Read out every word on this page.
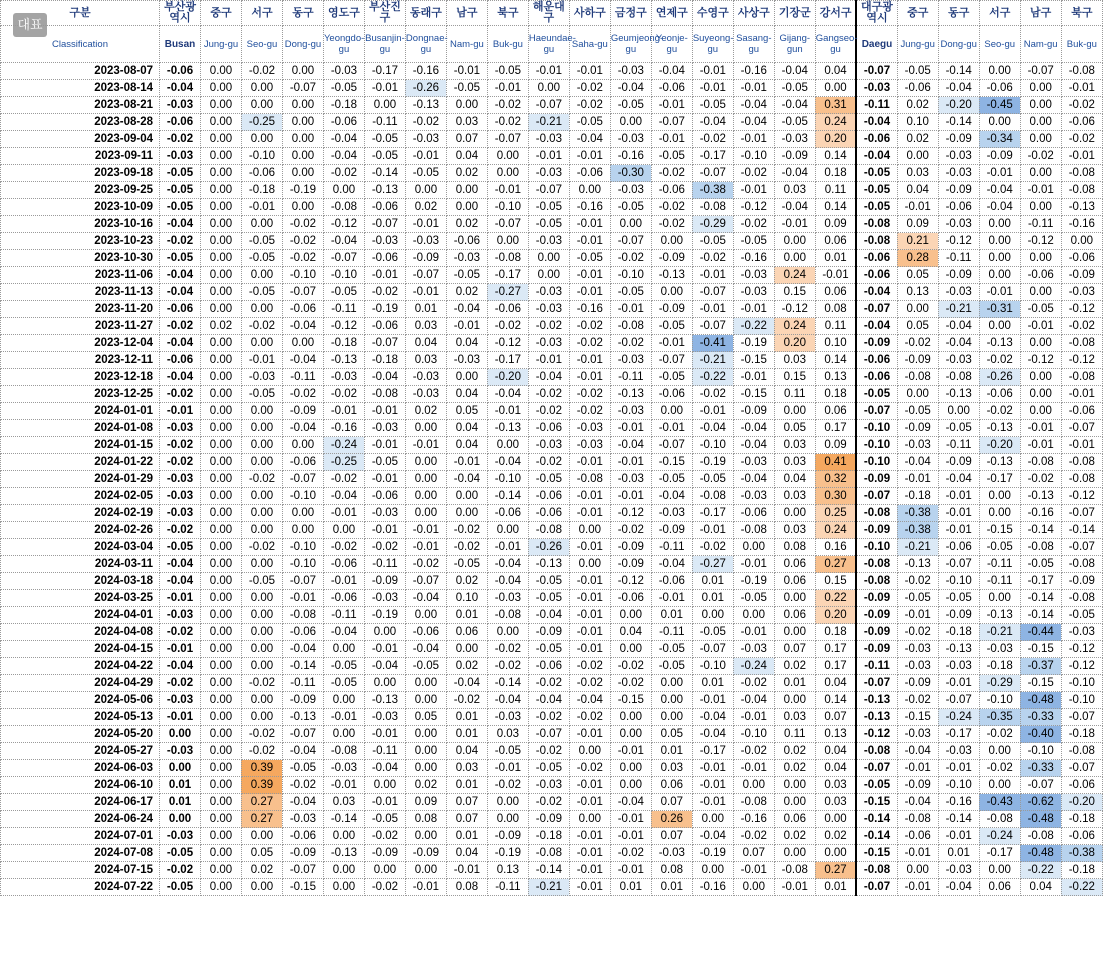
구분	부산광역시	중구	서구	동구	영도구	부산진구	동래구	남구	북구	해운대구	사하구	금정구	연제구	수영구	사상구	기장군	강서구	대구광역시	중구	동구	서구	남구	북구
Classification	Busan	Jung-gu	Seo-gu	Dong-gu	Yeongdo-gu	Busanjin-gu	Dongnae-gu	Nam-gu	Buk-gu	Haeundae-gu	Saha-gu	Geumjeong-gu	Yeonje-gu	Suyeong-gu	Sasang-gu	Gijang-gun	Gangseo-gu	Daegu	Jung-gu	Dong-gu	Seo-gu	Nam-gu	Buk-gu
2023-08-07	-0.06	0.00	-0.02	0.00	-0.03	-0.17	-0.16	-0.01	-0.05	-0.01	-0.01	-0.03	-0.04	-0.01	-0.16	-0.04	0.04	-0.07	-0.05	-0.14	0.00	-0.07	-0.08
2023-08-14	-0.04	0.00	0.00	-0.07	-0.05	-0.01	-0.26	-0.05	-0.01	0.00	-0.02	-0.04	-0.06	-0.01	-0.01	-0.05	0.00	-0.03	-0.06	-0.04	-0.06	0.00	-0.01
2023-08-21	-0.03	0.00	0.00	0.00	-0.18	0.00	-0.13	0.00	-0.02	-0.07	-0.02	-0.05	-0.01	-0.05	-0.04	-0.04	0.31	-0.11	0.02	-0.20	-0.45	0.00	-0.02
2023-08-28	-0.06	0.00	-0.25	0.00	-0.06	-0.11	-0.02	0.03	-0.02	-0.21	-0.05	0.00	-0.07	-0.04	-0.04	-0.05	0.24	-0.04	0.10	-0.14	0.00	0.00	-0.06
2023-09-04	-0.02	0.00	0.00	0.00	-0.04	-0.05	-0.03	0.07	-0.07	-0.03	-0.04	-0.03	-0.01	-0.02	-0.01	-0.03	0.20	-0.06	0.02	-0.09	-0.34	0.00	-0.02
2023-09-11	-0.03	0.00	-0.10	0.00	-0.04	-0.05	-0.01	0.04	0.00	-0.01	-0.01	-0.16	-0.05	-0.17	-0.10	-0.09	0.14	-0.04	0.00	-0.03	-0.09	-0.02	-0.01
2023-09-18	-0.05	0.00	-0.06	0.00	-0.02	-0.14	-0.05	0.02	0.00	-0.03	-0.06	-0.30	-0.02	-0.07	-0.02	-0.04	0.18	-0.05	0.03	-0.03	-0.01	0.00	-0.08
2023-09-25	-0.05	0.00	-0.18	-0.19	0.00	-0.13	0.00	0.00	-0.01	-0.07	0.00	-0.03	-0.06	-0.38	-0.01	0.03	0.11	-0.05	0.04	-0.09	-0.04	-0.01	-0.08
2023-10-09	-0.05	0.00	-0.01	0.00	-0.08	-0.06	0.02	0.00	-0.10	-0.05	-0.16	-0.05	-0.02	-0.08	-0.12	-0.04	0.14	-0.05	-0.01	-0.06	-0.04	0.00	-0.13
2023-10-16	-0.04	0.00	0.00	-0.02	-0.12	-0.07	-0.01	0.02	-0.07	-0.05	-0.01	0.00	-0.02	-0.29	-0.02	-0.01	0.09	-0.08	0.09	-0.03	0.00	-0.11	-0.16
2023-10-23	-0.02	0.00	-0.05	-0.02	-0.04	-0.03	-0.03	-0.06	0.00	-0.03	-0.01	-0.07	0.00	-0.05	-0.05	0.00	0.06	-0.08	0.21	-0.12	0.00	-0.12	0.00
2023-10-30	-0.05	0.00	-0.05	-0.02	-0.07	-0.06	-0.09	-0.03	-0.08	0.00	-0.05	-0.02	-0.09	-0.02	-0.16	0.00	0.01	-0.06	0.28	-0.11	0.00	0.00	-0.06
2023-11-06	-0.04	0.00	0.00	-0.10	-0.10	-0.01	-0.07	-0.05	-0.17	0.00	-0.01	-0.10	-0.13	-0.01	-0.03	0.24	-0.01	-0.06	0.05	-0.09	0.00	-0.06	-0.09
2023-11-13	-0.04	0.00	-0.05	-0.07	-0.05	-0.02	-0.01	0.02	-0.27	-0.03	-0.01	-0.05	0.00	-0.07	-0.03	0.15	0.06	-0.04	0.13	-0.03	-0.01	0.00	-0.03
2023-11-20	-0.06	0.00	0.00	-0.06	-0.11	-0.19	0.01	-0.04	-0.06	-0.03	-0.16	-0.01	-0.09	-0.01	-0.01	-0.12	0.08	-0.07	0.00	-0.21	-0.31	-0.05	-0.12
2023-11-27	-0.02	0.02	-0.02	-0.04	-0.12	-0.06	0.03	-0.01	-0.02	-0.02	-0.02	-0.08	-0.05	-0.07	-0.22	0.24	0.11	-0.04	0.05	-0.04	0.00	-0.01	-0.02
2023-12-04	-0.04	0.00	0.00	0.00	-0.18	-0.07	0.04	0.04	-0.12	-0.03	-0.02	-0.02	-0.01	-0.41	-0.19	0.20	0.10	-0.09	-0.02	-0.04	-0.13	0.00	-0.08
2023-12-11	-0.06	0.00	-0.01	-0.04	-0.13	-0.18	0.03	-0.03	-0.17	-0.01	-0.01	-0.03	-0.07	-0.21	-0.15	0.03	0.14	-0.06	-0.09	-0.03	-0.02	-0.12	-0.12
2023-12-18	-0.04	0.00	-0.03	-0.11	-0.03	-0.04	-0.03	0.00	-0.20	-0.04	-0.01	-0.11	-0.05	-0.22	-0.01	0.15	0.13	-0.06	-0.08	-0.08	-0.26	0.00	-0.08
2023-12-25	-0.02	0.00	-0.05	-0.02	-0.02	-0.08	-0.03	0.04	-0.04	-0.02	-0.02	-0.13	-0.06	-0.02	-0.15	0.11	0.18	-0.05	0.00	-0.13	-0.06	0.00	-0.01
2024-01-01	-0.01	0.00	0.00	-0.09	-0.01	-0.01	0.02	0.05	-0.01	-0.02	-0.02	-0.03	0.00	-0.01	-0.09	0.00	0.06	-0.07	-0.05	0.00	-0.02	0.00	-0.06
2024-01-08	-0.03	0.00	0.00	-0.04	-0.16	-0.03	0.00	0.04	-0.13	-0.06	-0.03	-0.01	-0.01	-0.04	-0.04	0.05	0.17	-0.10	-0.09	-0.05	-0.13	-0.01	-0.07
2024-01-15	-0.02	0.00	0.00	0.00	-0.24	-0.01	-0.01	0.04	0.00	-0.03	-0.03	-0.04	-0.07	-0.10	-0.04	0.03	0.09	-0.10	-0.03	-0.11	-0.20	-0.01	-0.01
2024-01-22	-0.02	0.00	0.00	-0.06	-0.25	-0.05	0.00	-0.01	-0.04	-0.02	-0.01	-0.01	-0.15	-0.19	-0.03	0.03	0.41	-0.10	-0.04	-0.09	-0.13	-0.08	-0.08
2024-01-29	-0.03	0.00	-0.02	-0.07	-0.02	-0.01	0.00	-0.04	-0.10	-0.05	-0.08	-0.03	-0.05	-0.05	-0.04	0.04	0.32	-0.09	-0.01	-0.04	-0.17	-0.02	-0.08
2024-02-05	-0.03	0.00	0.00	-0.10	-0.04	-0.06	0.00	0.00	-0.14	-0.06	-0.01	-0.01	-0.04	-0.08	-0.03	0.03	0.30	-0.07	-0.18	-0.01	0.00	-0.13	-0.12
2024-02-19	-0.03	0.00	0.00	0.00	-0.01	-0.03	0.00	0.00	-0.06	-0.06	-0.01	-0.12	-0.03	-0.17	-0.06	0.00	0.25	-0.08	-0.38	-0.01	0.00	-0.16	-0.07
2024-02-26	-0.02	0.00	0.00	0.00	0.00	-0.01	-0.01	-0.02	0.00	-0.08	0.00	-0.02	-0.09	-0.01	-0.08	0.03	0.24	-0.09	-0.38	-0.01	-0.15	-0.14	-0.14
2024-03-04	-0.05	0.00	-0.02	-0.10	-0.02	-0.02	-0.01	-0.02	-0.01	-0.26	-0.01	-0.09	-0.11	-0.02	0.00	0.08	0.16	-0.10	-0.21	-0.06	-0.05	-0.08	-0.07
2024-03-11	-0.04	0.00	0.00	-0.10	-0.06	-0.11	-0.02	-0.05	-0.04	-0.13	0.00	-0.09	-0.04	-0.27	-0.01	0.06	0.27	-0.08	-0.13	-0.07	-0.11	-0.05	-0.08
2024-03-18	-0.04	0.00	-0.05	-0.07	-0.01	-0.09	-0.07	0.02	-0.04	-0.05	-0.01	-0.12	-0.06	0.01	-0.19	0.06	0.15	-0.08	-0.02	-0.10	-0.11	-0.17	-0.09
2024-03-25	-0.01	0.00	0.00	-0.01	-0.06	-0.03	-0.04	0.10	-0.03	-0.05	-0.01	-0.06	-0.01	0.01	-0.05	0.00	0.22	-0.09	-0.05	-0.05	0.00	-0.14	-0.08
2024-04-01	-0.03	0.00	0.00	-0.08	-0.11	-0.19	0.00	0.01	-0.08	-0.04	-0.01	0.00	0.01	0.00	0.00	0.06	0.20	-0.09	-0.01	-0.09	-0.13	-0.14	-0.05
2024-04-08	-0.02	0.00	0.00	-0.06	-0.04	0.00	-0.06	0.06	0.00	-0.09	-0.01	0.04	-0.11	-0.05	-0.01	0.00	0.18	-0.09	-0.02	-0.18	-0.21	-0.44	-0.03
2024-04-15	-0.01	0.00	0.00	-0.04	0.00	-0.01	-0.04	0.00	-0.02	-0.05	-0.01	0.00	-0.05	-0.07	-0.03	0.07	0.17	-0.09	-0.03	-0.13	-0.03	-0.15	-0.12
2024-04-22	-0.04	0.00	0.00	-0.14	-0.05	-0.04	-0.05	0.02	-0.02	-0.06	-0.02	-0.02	-0.05	-0.10	-0.24	0.02	0.17	-0.11	-0.03	-0.03	-0.18	-0.37	-0.12
2024-04-29	-0.02	0.00	-0.02	-0.11	-0.05	0.00	0.00	-0.04	-0.14	-0.02	-0.02	-0.02	0.00	0.01	-0.02	0.01	0.04	-0.07	-0.09	-0.01	-0.29	-0.15	-0.10
2024-05-06	-0.03	0.00	0.00	-0.09	0.00	-0.13	0.00	-0.02	-0.04	-0.04	-0.04	-0.15	0.00	-0.01	-0.04	0.00	0.14	-0.13	-0.02	-0.07	-0.10	-0.48	-0.10
2024-05-13	-0.01	0.00	0.00	-0.13	-0.01	-0.03	0.05	0.01	-0.03	-0.02	-0.02	0.00	0.00	-0.04	-0.01	0.03	0.07	-0.13	-0.15	-0.24	-0.35	-0.33	-0.07
2024-05-20	0.00	0.00	-0.02	-0.07	0.00	-0.01	0.00	0.01	0.03	-0.07	-0.01	0.00	0.05	-0.04	-0.10	0.11	0.13	-0.12	-0.03	-0.17	-0.02	-0.40	-0.18
2024-05-27	-0.03	0.00	-0.02	-0.04	-0.08	-0.11	0.00	0.04	-0.05	-0.02	0.00	-0.01	0.01	-0.17	-0.02	0.02	0.04	-0.08	-0.04	-0.03	0.00	-0.10	-0.08
2024-06-03	0.00	0.00	0.39	-0.05	-0.03	-0.04	0.00	0.03	-0.01	-0.05	-0.02	0.00	0.03	-0.01	-0.01	0.02	0.04	-0.07	-0.01	-0.01	-0.02	-0.33	-0.07
2024-06-10	0.01	0.00	0.39	-0.02	-0.01	0.00	0.02	0.01	-0.02	-0.03	-0.01	0.00	0.06	-0.01	0.00	0.00	0.03	-0.05	-0.09	-0.10	0.00	-0.07	-0.06
2024-06-17	0.01	0.00	0.27	-0.04	0.03	-0.01	0.09	0.07	0.00	-0.02	-0.01	-0.04	0.07	-0.01	-0.08	0.00	0.03	-0.15	-0.04	-0.16	-0.43	-0.62	-0.20
2024-06-24	0.00	0.00	0.27	-0.03	-0.14	-0.05	0.08	0.07	0.00	-0.09	0.00	-0.01	0.26	0.00	-0.16	0.06	0.00	-0.14	-0.08	-0.14	-0.08	-0.48	-0.18
2024-07-01	-0.03	0.00	0.00	-0.06	0.00	-0.02	0.00	0.01	-0.09	-0.18	-0.01	-0.01	0.07	-0.04	-0.02	0.02	0.02	-0.14	-0.06	-0.01	-0.24	-0.08	-0.06
2024-07-08	-0.05	0.00	0.05	-0.09	-0.13	-0.09	-0.09	0.04	-0.19	-0.08	-0.01	-0.02	-0.03	-0.19	0.07	0.00	0.00	-0.15	-0.01	0.01	-0.17	-0.48	-0.38
2024-07-15	-0.02	0.00	0.02	-0.07	0.00	0.00	0.00	-0.01	0.13	-0.14	-0.01	-0.01	0.08	0.00	-0.01	-0.08	0.27	-0.08	0.00	-0.03	0.00	-0.22	-0.18
2024-07-22	-0.05	0.00	0.00	-0.15	0.00	-0.02	-0.01	0.08	-0.11	-0.21	-0.01	0.01	0.01	-0.16	0.00	-0.01	0.01	-0.07	-0.01	-0.04	0.06	0.04	-0.22
대표
